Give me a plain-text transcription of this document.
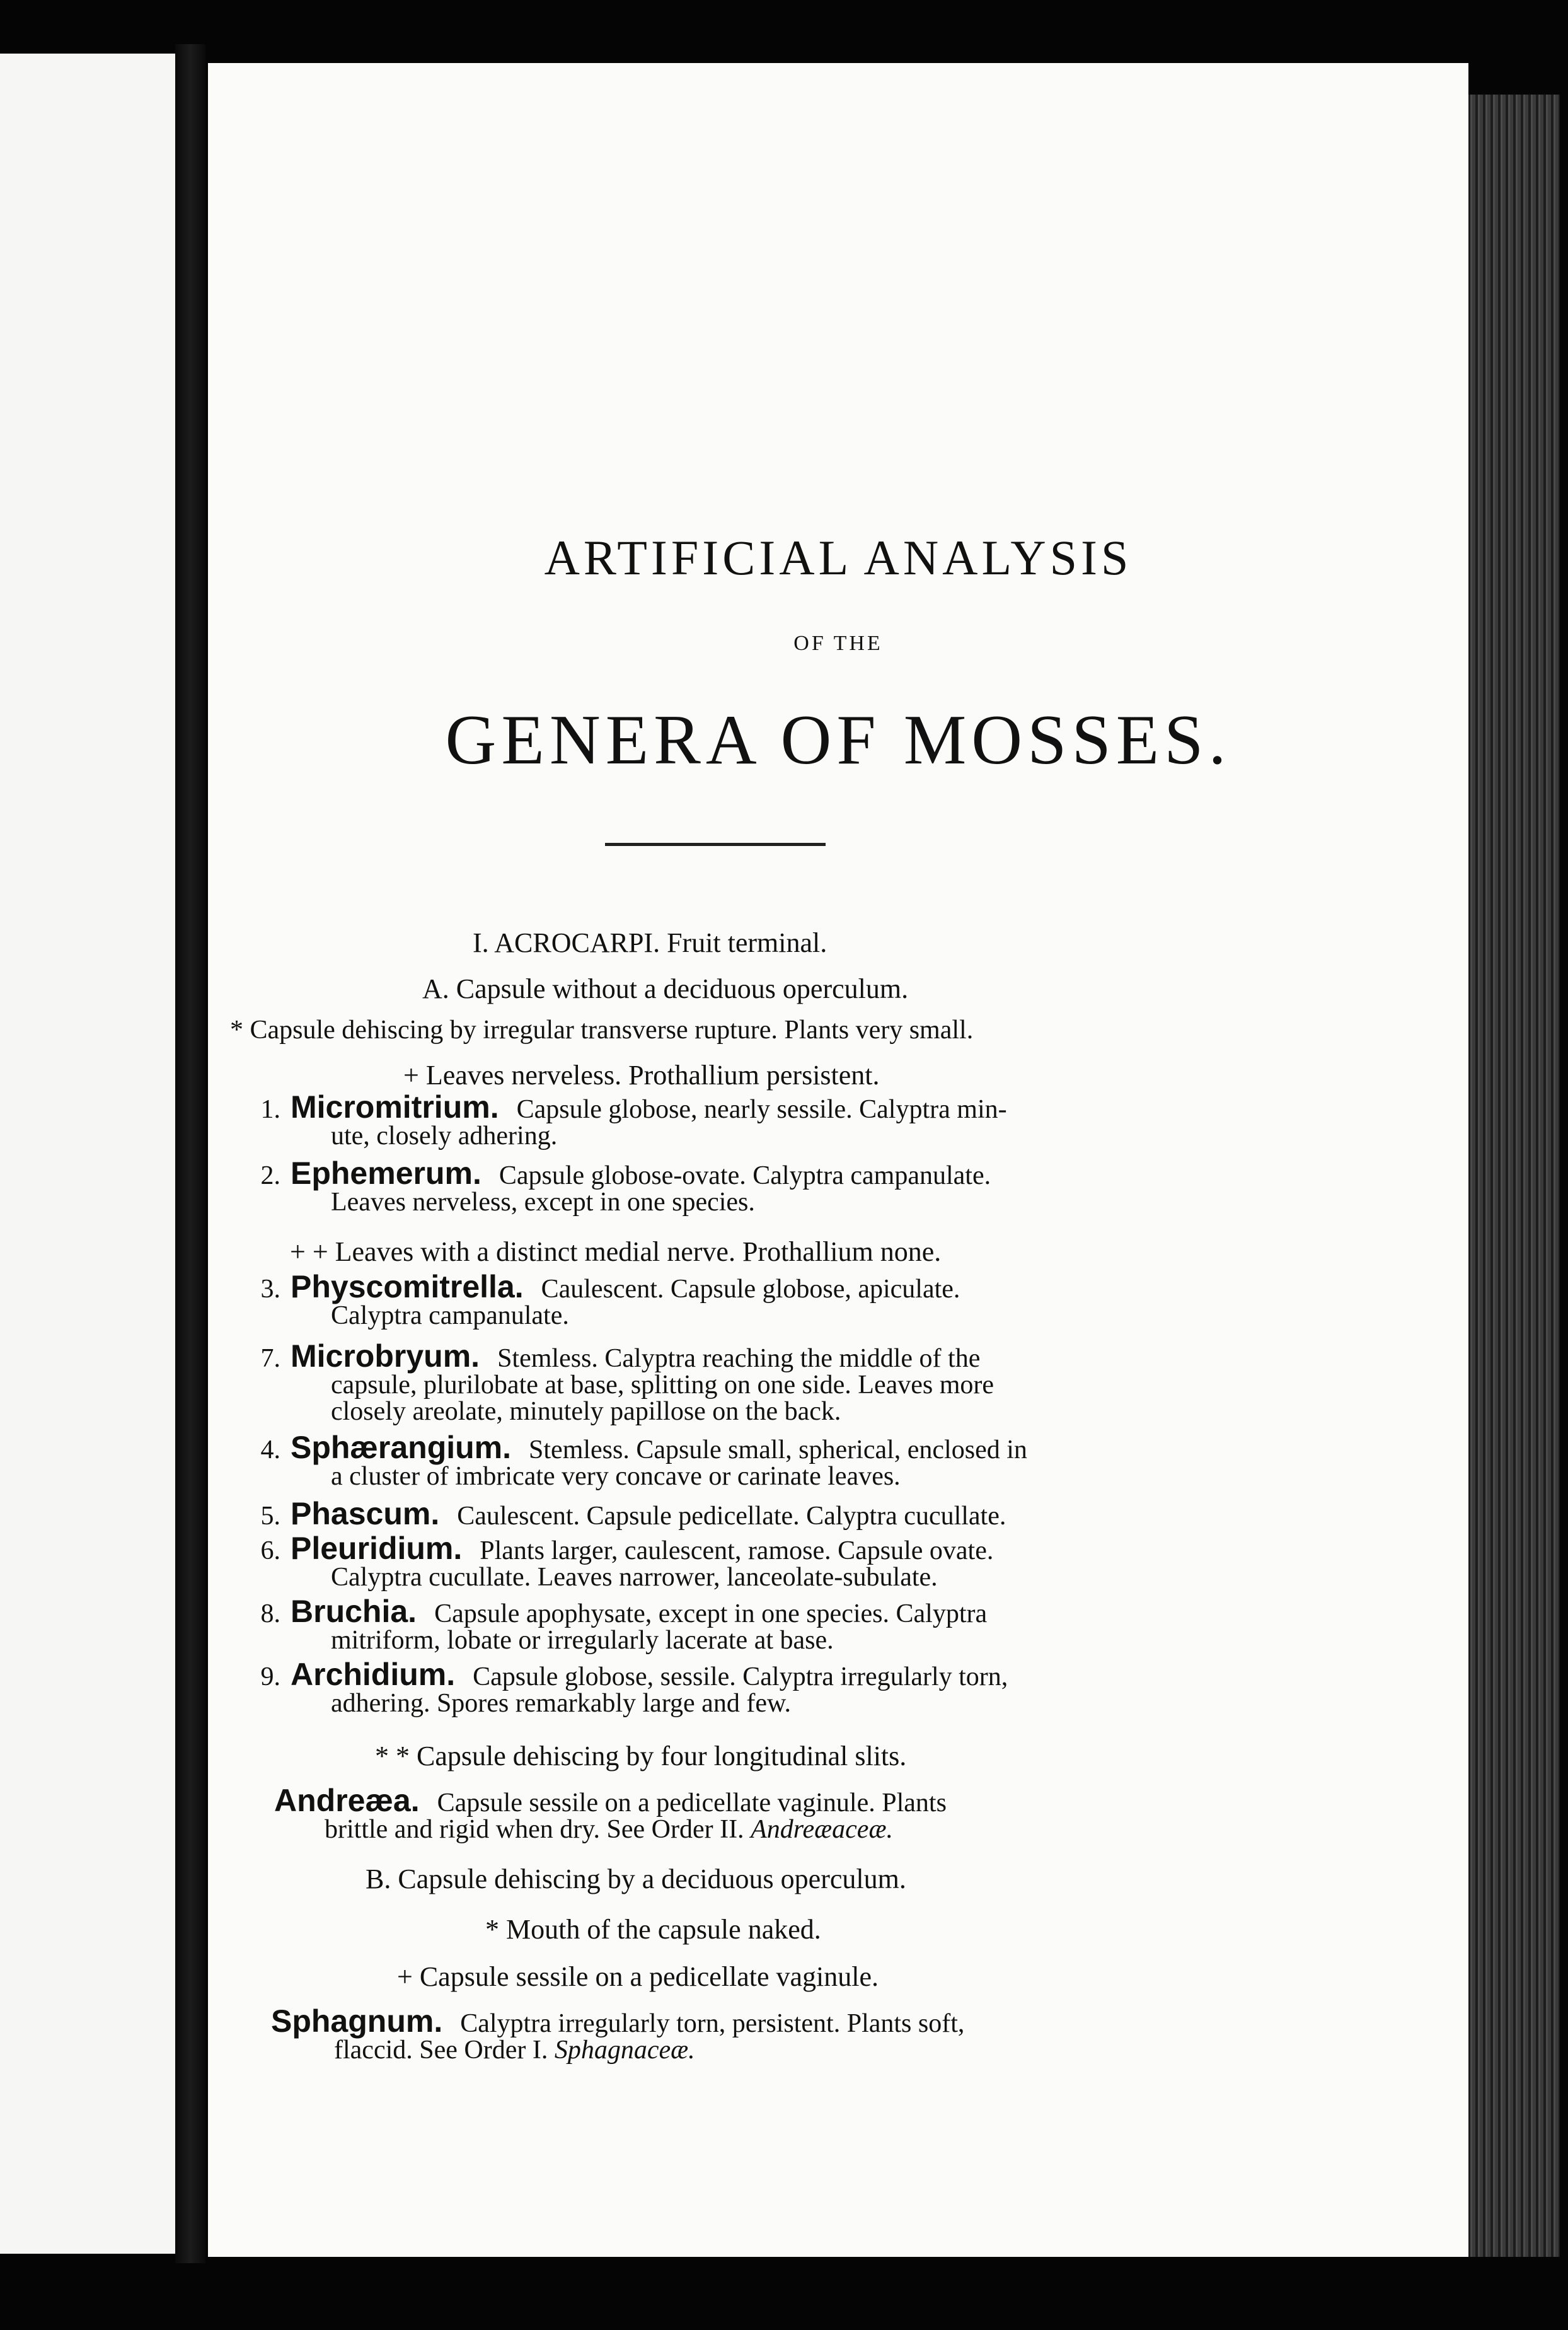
ARTIFICIAL ANALYSIS
OF THE
GENERA OF MOSSES.
I. ACROCARPI. Fruit terminal.
A. Capsule without a deciduous operculum.
* Capsule dehiscing by irregular transverse rupture. Plants very small.
+ Leaves nerveless. Prothallium persistent.
1. Micromitrium. Capsule globose, nearly sessile. Calyptra min-
ute, closely adhering.
2. Ephemerum. Capsule globose-ovate. Calyptra campanulate.
Leaves nerveless, except in one species.
+ + Leaves with a distinct medial nerve. Prothallium none.
3. Physcomitrella. Caulescent. Capsule globose, apiculate.
Calyptra campanulate.
7. Microbryum. Stemless. Calyptra reaching the middle of the
capsule, plurilobate at base, splitting on one side. Leaves more
closely areolate, minutely papillose on the back.
4. Sphærangium. Stemless. Capsule small, spherical, enclosed in
a cluster of imbricate very concave or carinate leaves.
5. Phascum. Caulescent. Capsule pedicellate. Calyptra cucullate.
6. Pleuridium. Plants larger, caulescent, ramose. Capsule ovate.
Calyptra cucullate. Leaves narrower, lanceolate-subulate.
8. Bruchia. Capsule apophysate, except in one species. Calyptra
mitriform, lobate or irregularly lacerate at base.
9. Archidium. Capsule globose, sessile. Calyptra irregularly torn,
adhering. Spores remarkably large and few.
* * Capsule dehiscing by four longitudinal slits.
Andreæa. Capsule sessile on a pedicellate vaginule. Plants
brittle and rigid when dry. See Order II. Andreæaceæ.
B. Capsule dehiscing by a deciduous operculum.
* Mouth of the capsule naked.
+ Capsule sessile on a pedicellate vaginule.
Sphagnum. Calyptra irregularly torn, persistent. Plants soft,
flaccid. See Order I. Sphagnaceæ.
